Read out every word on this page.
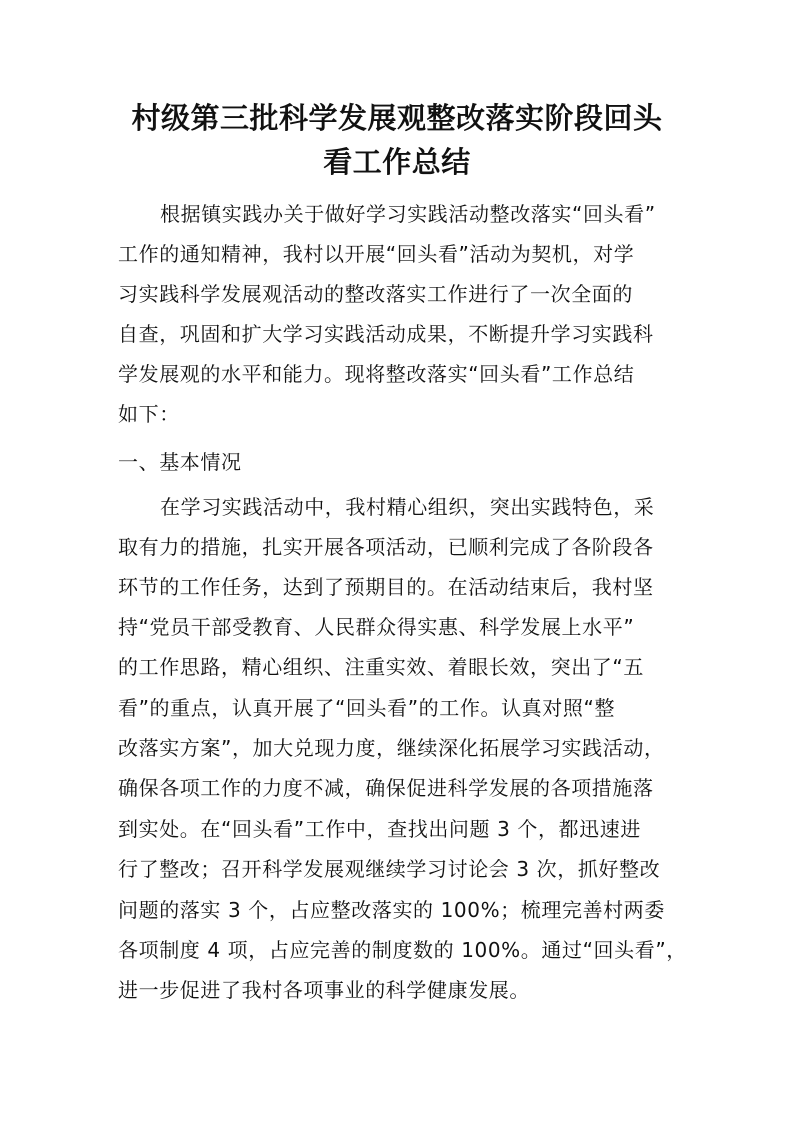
村级第三批科学发展观整改落实阶段回头
看工作总结
根据镇实践办关于做好学习实践活动整改落实“回头看”
工作的通知精神，我村以开展“回头看”活动为契机，对学
习实践科学发展观活动的整改落实工作进行了一次全面的
自查，巩固和扩大学习实践活动成果，不断提升学习实践科
学发展观的水平和能力。现将整改落实“回头看”工作总结
如下：
一、基本情况
在学习实践活动中，我村精心组织，突出实践特色，采
取有力的措施，扎实开展各项活动，已顺利完成了各阶段各
环节的工作任务，达到了预期目的。在活动结束后，我村坚
持“党员干部受教育、人民群众得实惠、科学发展上水平”
的工作思路，精心组织、注重实效、着眼长效，突出了“五
看”的重点，认真开展了“回头看”的工作。认真对照“整
改落实方案”，加大兑现力度，继续深化拓展学习实践活动，
确保各项工作的力度不减，确保促进科学发展的各项措施落
到实处。在“回头看”工作中，查找出问题 3 个，都迅速进
行了整改；召开科学发展观继续学习讨论会 3 次，抓好整改
问题的落实 3 个，占应整改落实的 100%；梳理完善村两委
各项制度 4 项，占应完善的制度数的 100%。通过“回头看”，
进一步促进了我村各项事业的科学健康发展。
